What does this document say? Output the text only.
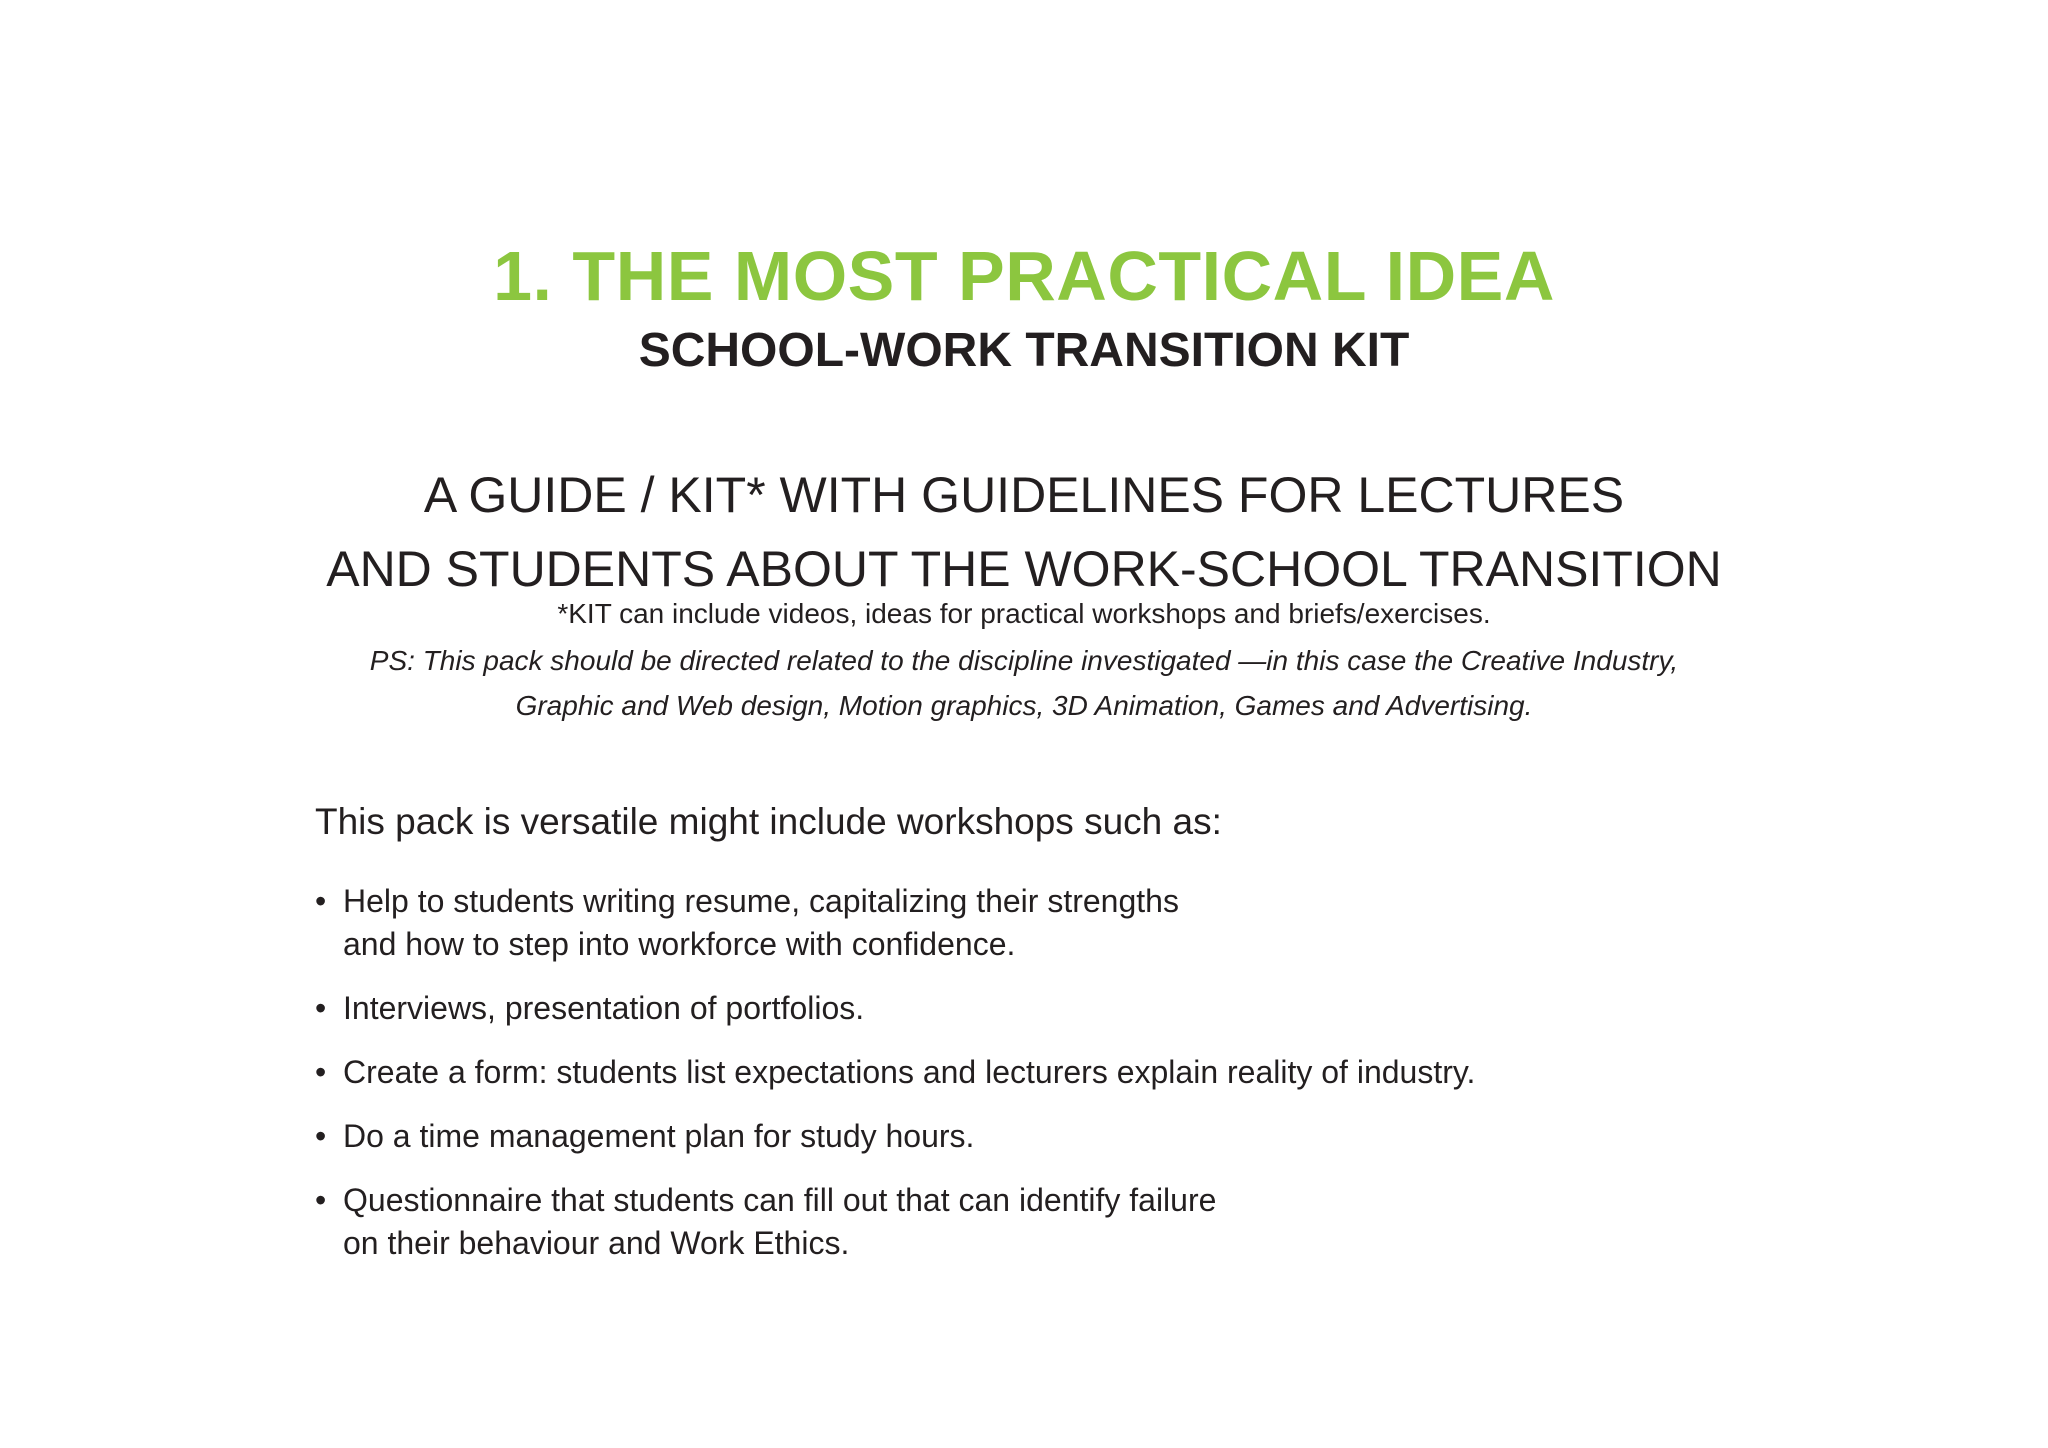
1. THE MOST PRACTICAL IDEA
SCHOOL-WORK TRANSITION KIT
A GUIDE / KIT* WITH GUIDELINES FOR LECTURES
AND STUDENTS ABOUT THE WORK-SCHOOL TRANSITION
*KIT can include videos, ideas for practical workshops and briefs/exercises.
PS: This pack should be directed related to the discipline investigated —in this case the Creative Industry,
Graphic and Web design, Motion graphics, 3D Animation, Games and Advertising.
This pack is versatile might include workshops such as:
• Help to students writing resume, capitalizing their strengths
and how to step into workforce with confidence.
• Interviews, presentation of portfolios.
• Create a form: students list expectations and lecturers explain reality of industry.
• Do a time management plan for study hours.
• Questionnaire that students can fill out that can identify failure
on their behaviour and Work Ethics.
